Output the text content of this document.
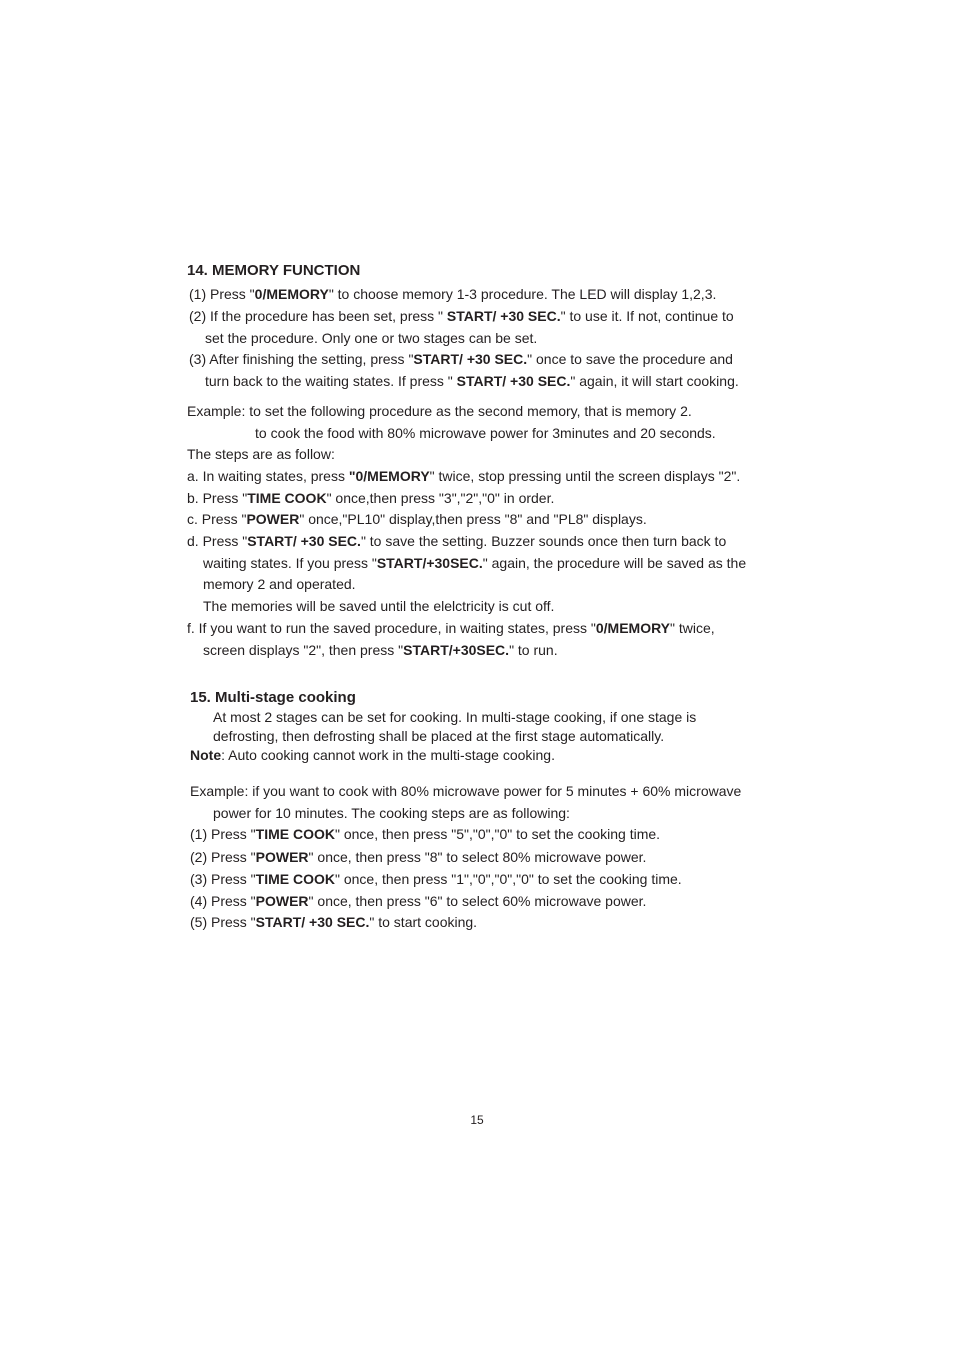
14. MEMORY FUNCTION
(1) Press "0/MEMORY" to choose memory 1-3 procedure. The LED will display 1,2,3.
(2) If the procedure has been set, press " START/ +30 SEC." to use it. If not, continue to
set the procedure. Only one or two stages can be set.
(3) After finishing the setting, press "START/ +30 SEC." once to save the procedure and
turn back to the waiting states. If press " START/ +30 SEC." again, it will start cooking.
Example: to set the following procedure as the second memory, that is memory 2.
to cook the food with 80% microwave power for 3minutes and 20 seconds.
The steps are as follow:
a. In waiting states, press "0/MEMORY" twice, stop pressing until the screen displays "2".
b. Press "TIME COOK" once,then press "3","2","0" in order.
c. Press "POWER" once,"PL10" display,then press "8" and "PL8" displays.
d. Press "START/ +30 SEC." to save the setting. Buzzer sounds once then turn back to
waiting states. If you press "START/+30SEC." again, the procedure will be saved as the
memory 2 and operated.
The memories will be saved until the elelctricity is cut off.
f. If you want to run the saved procedure, in waiting states, press "0/MEMORY" twice,
screen displays "2", then press "START/+30SEC." to run.
15. Multi-stage cooking
At most 2 stages can be set for cooking. In multi-stage cooking, if one stage is
defrosting, then defrosting shall be placed at the first stage automatically.
Note: Auto cooking cannot work in the multi-stage cooking.
Example: if you want to cook with 80% microwave power for 5 minutes + 60% microwave
power for 10 minutes. The cooking steps are as following:
(1) Press "TIME COOK" once, then press "5","0","0" to set the cooking time.
(2) Press "POWER" once, then press "8" to select 80% microwave power.
(3) Press "TIME COOK" once, then press "1","0","0","0" to set the cooking time.
(4) Press "POWER" once, then press "6" to select 60% microwave power.
(5) Press "START/ +30 SEC." to start cooking.
15
